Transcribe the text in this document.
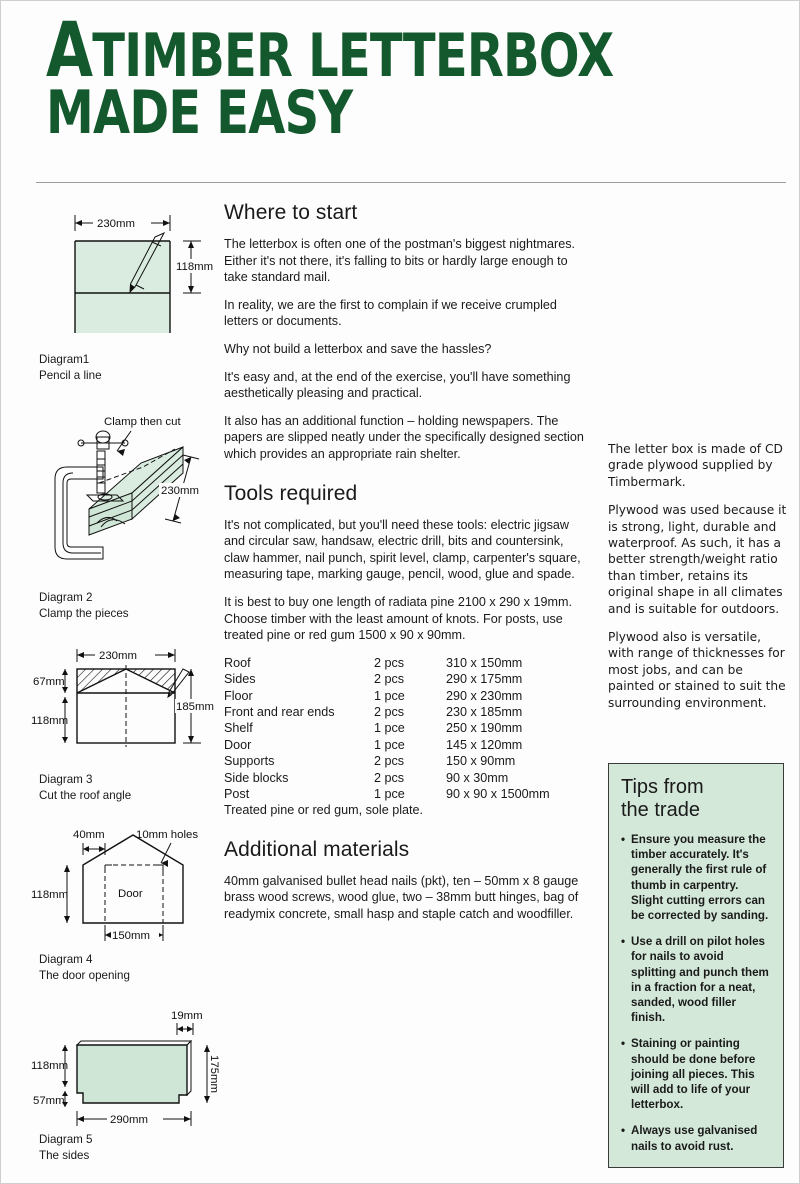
ATIMBER LETTERBOX
MADE EASY
230mm
118mm
Diagram1
Pencil a line
Clamp then cut
230mm
Diagram 2
Clamp the pieces
230mm
67mm
118mm
185mm
Diagram 3
Cut the roof angle
Door
40mm	10mm holes
118mm
150mm
Diagram 4
The door opening
19mm
118mm
57mm
175mm
290mm
Diagram 5
The sides
Where to start

The letterbox is often one of the postman's biggest nightmares. Either it's not there, it's falling to bits or hardly large enough to take standard mail.

In reality, we are the first to complain if we receive crumpled letters or documents.

Why not build a letterbox and save the hassles?

It's easy and, at the end of the exercise, you'll have something aesthetically pleasing and practical.

It also has an additional function – holding newspapers. The papers are slipped neatly under the specifically designed section which provides an appropriate rain shelter.

Tools required

It's not complicated, but you'll need these tools: electric jigsaw and circular saw, handsaw, electric drill, bits and countersink, claw hammer, nail punch, spirit level, clamp, carpenter's square, measuring tape, marking gauge, pencil, wood, glue and spade.

It is best to buy one length of radiata pine 2100 x 290 x 19mm. Choose timber with the least amount of knots. For posts, use treated pine or red gum 1500 x 90 x 90mm.

Roof	2 pcs	310 x 150mm
Sides	2 pcs	290 x 175mm
Floor	1 pce	290 x 230mm
Front and rear ends	2 pcs	230 x 185mm
Shelf	1 pce	250 x 190mm
Door	1 pce	145 x 120mm
Supports	2 pcs	150 x 90mm
Side blocks	2 pcs	90 x 30mm
Post	1 pce	90 x 90 x 1500mm
Treated pine or red gum, sole plate.
Additional materials

40mm galvanised bullet head nails (pkt), ten – 50mm x 8 gauge brass wood screws, wood glue, two – 38mm butt hinges, bag of readymix concrete, small hasp and staple catch and woodfiller.

The letter box is made of CD grade plywood supplied by Timbermark.

Plywood was used because it is strong, light, durable and waterproof. As such, it has a better strength/weight ratio than timber, retains its original shape in all climates and is suitable for outdoors.

Plywood also is versatile, with range of thicknesses for most jobs, and can be painted or stained to suit the surrounding environment.

Tips from
the trade
• Ensure you measure the timber accurately. It's generally the first rule of thumb in carpentry. Slight cutting errors can be corrected by sanding.
• Use a drill on pilot holes for nails to avoid splitting and punch them in a fraction for a neat, sanded, wood filler finish.
• Staining or painting should be done before joining all pieces. This will add to life of your letterbox.
• Always use galvanised nails to avoid rust.
